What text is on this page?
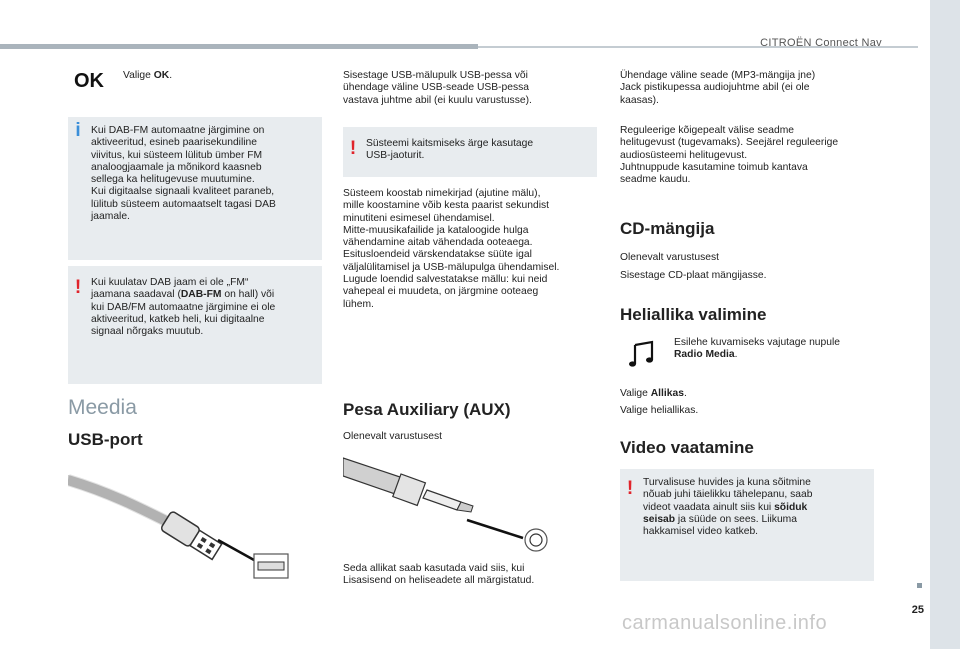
CITROËN Connect Nav
OK Valige OK.
i Kui DAB-FM automaatne järgimine on
aktiveeritud, esineb paarisekundiline
viivitus, kui süsteem lülitub ümber FM
analoogjaamale ja mõnikord kaasneb
sellega ka helitugevuse muutumine.
Kui digitaalse signaali kvaliteet paraneb,
lülitub süsteem automaatselt tagasi DAB
jaamale.
! Kui kuulatav DAB jaam ei ole „FM“
jaamana saadaval (DAB-FM on hall) või
kui DAB/FM automaatne järgimine ei ole
aktiveeritud, katkeb heli, kui digitaalne
signaal nõrgaks muutub.
Meedia
USB-port
Sisestage USB-mälupulk USB-pessa või
ühendage väline USB-seade USB-pessa
vastava juhtme abil (ei kuulu varustusse).
! Süsteemi kaitsmiseks ärge kasutage
USB-jaoturit.
Süsteem koostab nimekirjad (ajutine mälu),
mille koostamine võib kesta paarist sekundist
minutiteni esimesel ühendamisel.
Mitte-muusikafailide ja kataloogide hulga
vähendamine aitab vähendada ooteaega.
Esitusloendeid värskendatakse süüte igal
väljalülitamisel ja USB-mälupulga ühendamisel.
Lugude loendid salvestatakse mällu: kui neid
vahepeal ei muudeta, on järgmine ooteaeg
lühem.
Pesa Auxiliary (AUX)
Olenevalt varustusest
Seda allikat saab kasutada vaid siis, kui
Lisasisend on heliseadete all märgistatud.
Ühendage väline seade (MP3-mängija jne)
Jack pistikupessa audiojuhtme abil (ei ole
kaasas).
Reguleerige kõigepealt välise seadme
helitugevust (tugevamaks). Seejärel reguleerige
audiosüsteemi helitugevust.
Juhtnuppude kasutamine toimub kantava
seadme kaudu.
CD-mängija
Olenevalt varustusest
Sisestage CD-plaat mängijasse.
Heliallika valimine
Esilehe kuvamiseks vajutage nupule
Radio Media.
Valige Allikas.
Valige heliallikas.
Video vaatamine
! Turvalisuse huvides ja kuna sõitmine
nõuab juhi täielikku tähelepanu, saab
videot vaadata ainult siis kui sõiduk
seisab ja süüde on sees. Liikuma
hakkamisel video katkeb.
25
carmanualsonline.info
